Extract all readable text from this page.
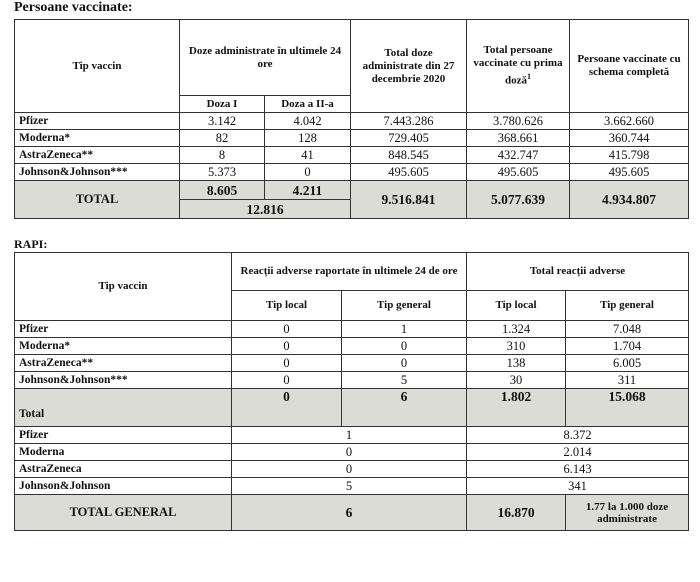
Persoane vaccinate:
Tip vaccin	Doze administrate în ultimele 24 ore		Total doze administrate din 27 decembrie 2020	Total persoane vaccinate cu prima doză$^1$	Persoane vaccinate cu schema completă
	Doza I	Doza a II-a			
Pfizer	3.142	4.042	7.443.286	3.780.626	3.662.660
Moderna*	82	128	729.405	368.661	360.744
AstraZeneca**	8	41	848.545	432.747	415.798
Johnson&Johnson***	5.373	0	495.605	495.605	495.605
TOTAL	8.605	4.211	9.516.841	5.077.639	4.934.807
	12.816				
RAPI:
Tip vaccin	Reacții adverse raportate în ultimele 24 de ore		Total reacții adverse	
	Tip local	Tip general	Tip local	Tip general
Pfizer	0	1	1.324	7.048
Moderna*	0	0	310	1.704
AstraZeneca**	0	0	138	6.005
Johnson&Johnson***	0	5	30	311
Total	0	6	1.802	15.068
Pfizer	1		8.372	
Moderna	0		2.014	
AstraZeneca	0		6.143	
Johnson&Johnson	5		341	
TOTAL GENERAL	6		16.870	1.77 la 1.000 doze administrate
